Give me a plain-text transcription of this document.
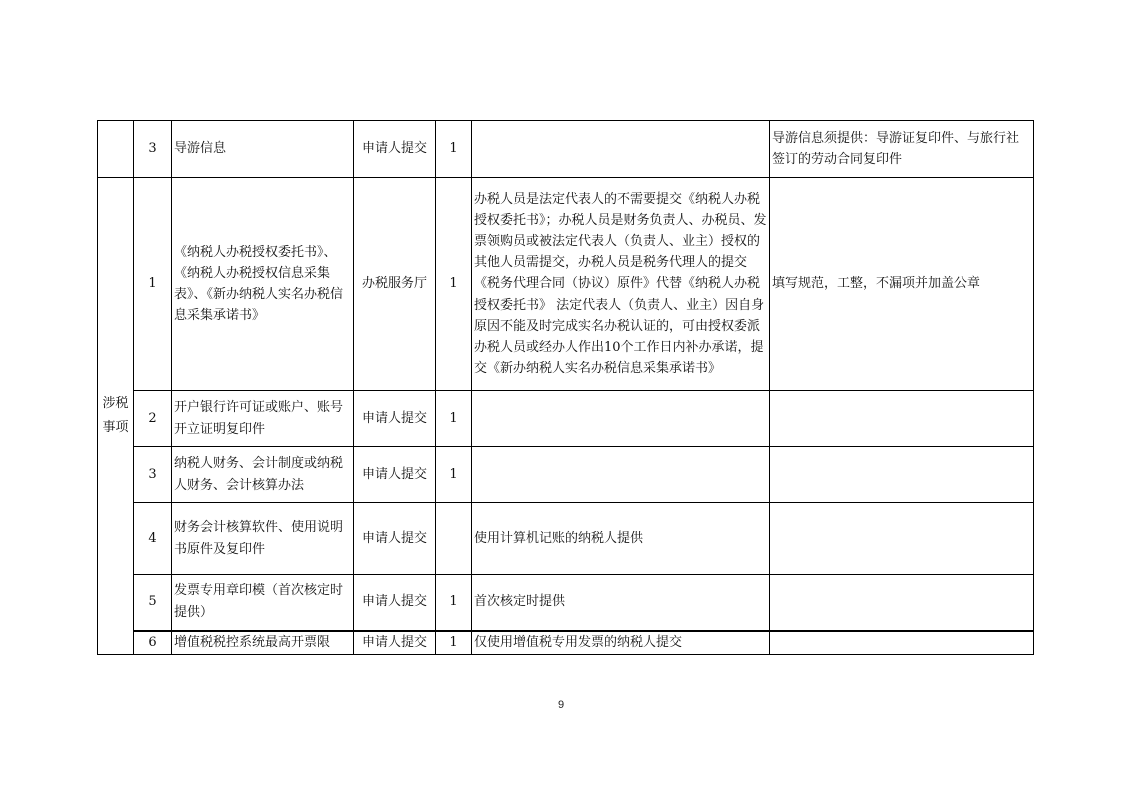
	3	导游信息	申请人提交	1		导游信息须提供：导游证复印件、与旅行社签订的劳动合同复印件
涉税事项	1	《纳税人办税授权委托书》、《纳税人办税授权信息采集表》、《新办纳税人实名办税信息采集承诺书》	办税服务厅	1	办税人员是法定代表人的不需要提交《纳税人办税授权委托书》；办税人员是财务负责人、办税员、发票领购员或被法定代表人（负责人、业主）授权的其他人员需提交，办税人员是税务代理人的提交《税务代理合同（协议）原件》代替《纳税人办税授权委托书》 法定代表人（负责人、业主）因自身原因不能及时完成实名办税认证的，可由授权委派办税人员或经办人作出10个工作日内补办承诺，提交《新办纳税人实名办税信息采集承诺书》	填写规范，工整，不漏项并加盖公章
	2	开户银行许可证或账户、账号开立证明复印件	申请人提交	1		
	3	纳税人财务、会计制度或纳税人财务、会计核算办法	申请人提交	1		
	4	财务会计核算软件、使用说明书原件及复印件	申请人提交		使用计算机记账的纳税人提供	
	5	发票专用章印模（首次核定时提供）	申请人提交	1	首次核定时提供	
	6	增值税税控系统最高开票限	申请人提交	1	仅使用增值税专用发票的纳税人提交	
9
